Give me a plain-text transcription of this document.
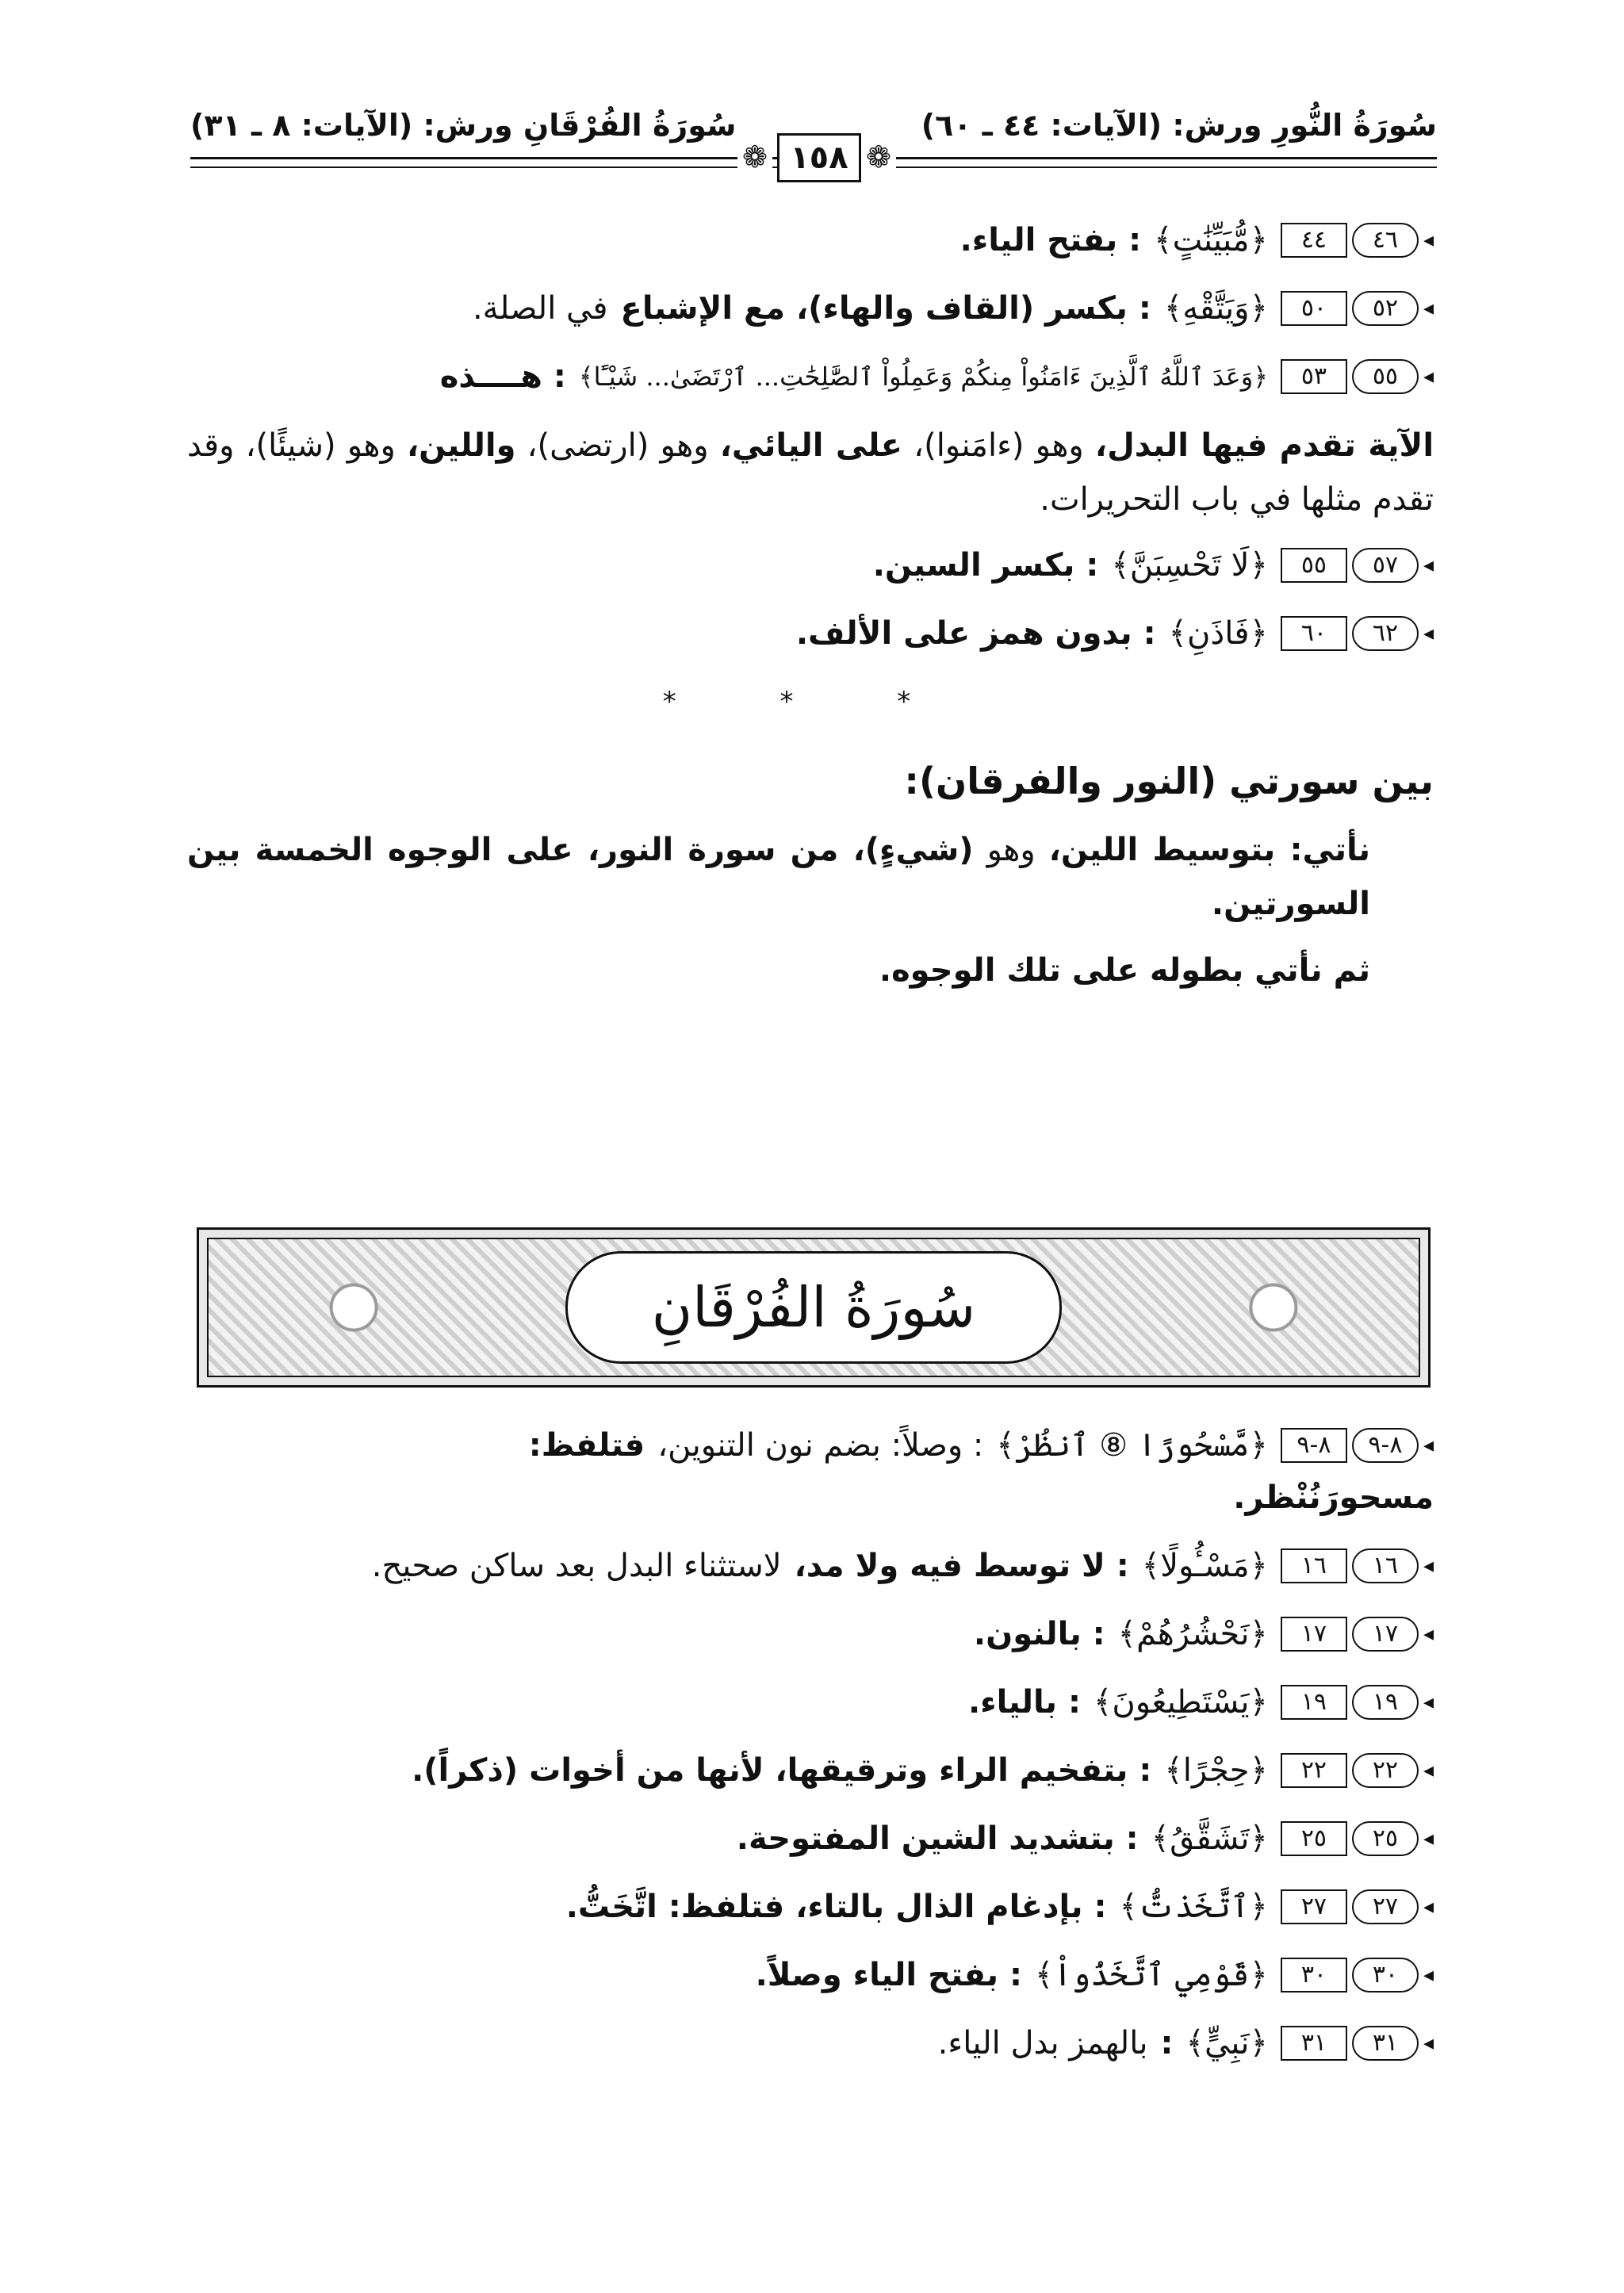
سُورَةُ النُّورِ ورش: (الآيات: ٤٤ ـ ٦٠)
سُورَةُ الفُرْقَانِ ورش: (الآيات: ٨ ـ ٣١)
❁ ١٥٨ ❁
◂
٤٦
٤٤
﴿مُّبَيِّنَٰتٍ﴾
: بفتح الياء.
◂
٥٢
٥٠
﴿وَيَتَّقْهِ﴾
: بكسر (القاف والهاء)، مع الإشباع
في الصلة.
◂
٥٥
٥٣
﴿وَعَدَ ٱللَّهُ ٱلَّذِينَ ءَامَنُواْ مِنكُمْ وَعَمِلُواْ ٱلصَّٰلِحَٰتِ... ٱرْتَضَىٰ... شَيْـًٔا﴾
: هــــذه
الآية تقدم فيها البدل، وهو (ءامَنوا)، على اليائي، وهو (ارتضى)، واللين، وهو (شيئًا)، وقد تقدم مثلها في باب التحريرات.
◂
٥٧
٥٥
﴿لَا تَحْسِبَنَّ﴾
: بكسر السين.
◂
٦٢
٦٠
﴿فَاذَنِ﴾
: بدون همز على الألف.
* * *
بين سورتي (النور والفرقان):
نأتي: بتوسيط اللين، وهو (شيءٍ)، من سورة النور، على الوجوه الخمسة بين السورتين.
ثم نأتي بطوله على تلك الوجوه.
سُورَةُ الفُرْقَانِ
◂
٨-٩
٨-٩
﴿مَّسْحُورًا ⑧ ٱنظُرْ﴾
: وصلاً: بضم نون التنوين،
فتلفظ:
مسحورَنُنْظر.
◂
١٦
١٦
﴿مَسْـُٔولًا﴾
: لا توسط فيه ولا مد،
لاستثناء البدل بعد ساكن صحيح.
◂
١٧
١٧
﴿نَحْشُرُهُمْ﴾
: بالنون.
◂
١٩
١٩
﴿يَسْتَطِيعُونَ﴾
: بالياء.
◂
٢٢
٢٢
﴿حِجْرًا﴾
: بتفخيم الراء وترقيقها، لأنها من أخوات (ذكراً).
◂
٢٥
٢٥
﴿تَشَقَّقُ﴾
: بتشديد الشين المفتوحة.
◂
٢٧
٢٧
﴿ٱتَّخَذتُّ﴾
: بإدغام الذال بالتاء، فتلفظ: اتَّخَتُّ.
◂
٣٠
٣٠
﴿قَوْمِي ٱتَّخَذُواْ﴾
: بفتح الياء وصلاً.
◂
٣١
٣١
﴿نَبِيٍّ﴾
:
بالهمز بدل الياء.
